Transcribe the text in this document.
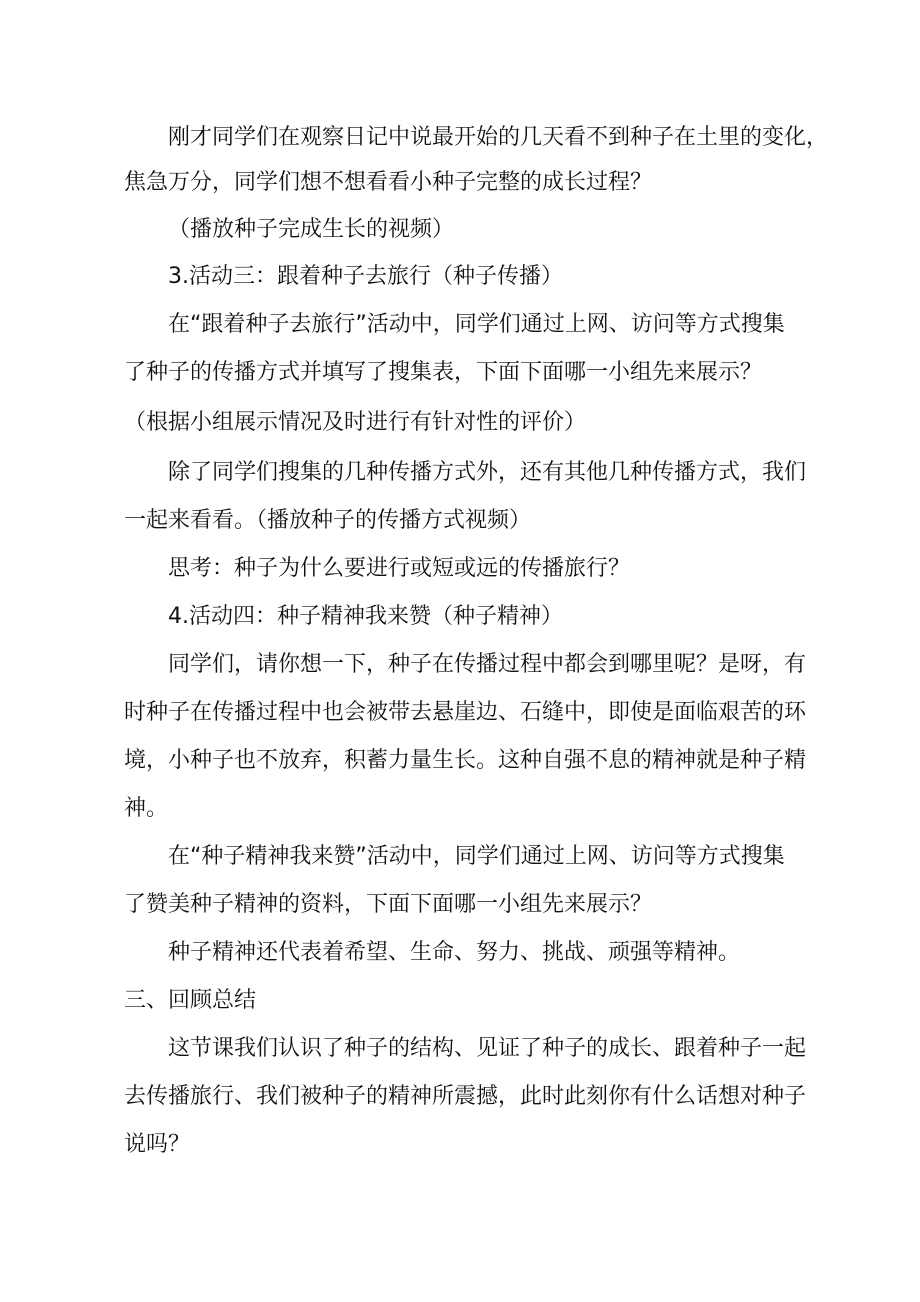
刚才同学们在观察日记中说最开始的几天看不到种子在土里的变化，
焦急万分，同学们想不想看看小种子完整的成长过程？
（播放种子完成生长的视频）
3.活动三：跟着种子去旅行（种子传播）
在“跟着种子去旅行”活动中，同学们通过上网、访问等方式搜集
了种子的传播方式并填写了搜集表，下面下面哪一小组先来展示？
（根据小组展示情况及时进行有针对性的评价）
除了同学们搜集的几种传播方式外，还有其他几种传播方式，我们
一起来看看。（播放种子的传播方式视频）
思考：种子为什么要进行或短或远的传播旅行？
4.活动四：种子精神我来赞（种子精神）
同学们，请你想一下，种子在传播过程中都会到哪里呢？是呀，有
时种子在传播过程中也会被带去悬崖边、石缝中，即使是面临艰苦的环
境，小种子也不放弃，积蓄力量生长。这种自强不息的精神就是种子精
神。
在“种子精神我来赞”活动中，同学们通过上网、访问等方式搜集
了赞美种子精神的资料，下面下面哪一小组先来展示？
种子精神还代表着希望、生命、努力、挑战、顽强等精神。
三、回顾总结
这节课我们认识了种子的结构、见证了种子的成长、跟着种子一起
去传播旅行、我们被种子的精神所震撼，此时此刻你有什么话想对种子
说吗？
